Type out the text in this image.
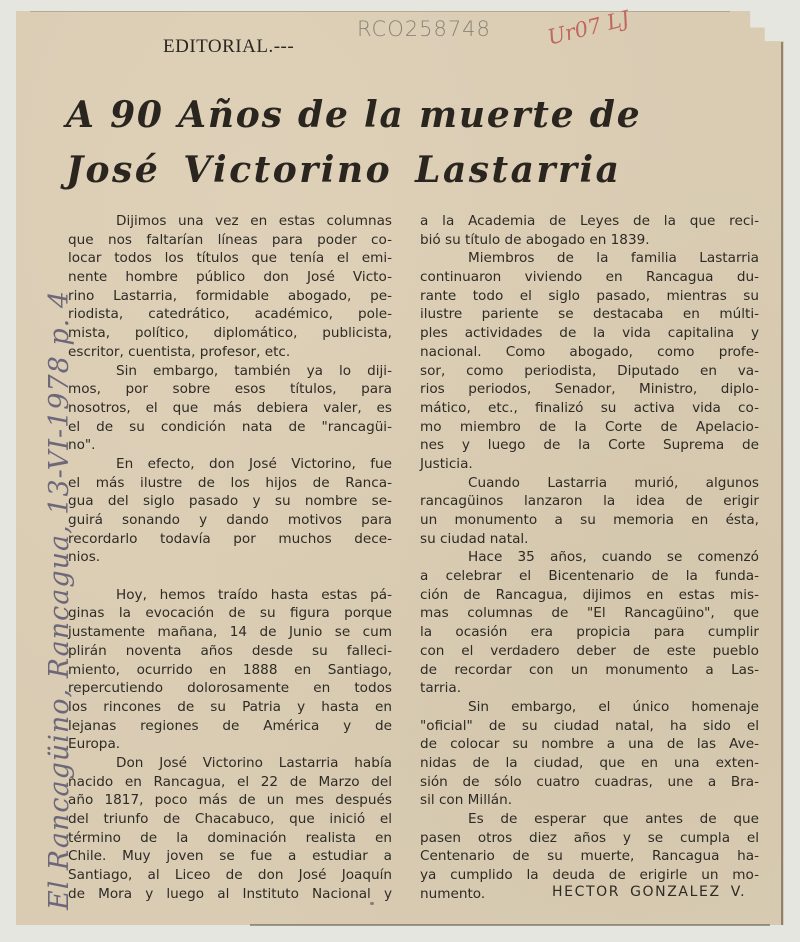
EDITORIAL.---
RCO258748	Ur07 LJ
A 90 Años de la muerte de
José Victorino Lastarria
El Rancagüino, Rancagua, 13-VI-1978 p. 4
Dijimos una vez en estas columnas
que nos faltarían líneas para poder co-
locar todos los títulos que tenía el emi-
nente hombre público don José Victo-
rino Lastarria, formidable abogado, pe-
riodista, catedrático, académico, pole-
mista, político, diplomático, publicista,
escritor, cuentista, profesor, etc.
Sin embargo, también ya lo diji-
mos, por sobre esos títulos, para
nosotros, el que más debiera valer, es
el de su condición nata de "rancagüi-
no".
En efecto, don José Victorino, fue
el más ilustre de los hijos de Ranca-
gua del siglo pasado y su nombre se-
guirá sonando y dando motivos para
recordarlo todavía por muchos dece-
nios.
Hoy, hemos traído hasta estas pá-
ginas la evocación de su figura porque
justamente mañana, 14 de Junio se cum
plirán noventa años desde su falleci-
miento, ocurrido en 1888 en Santiago,
repercutiendo dolorosamente en todos
los rincones de su Patria y hasta en
lejanas regiones de América y de
Europa.
Don José Victorino Lastarria había
nacido en Rancagua, el 22 de Marzo del
año 1817, poco más de un mes después
del triunfo de Chacabuco, que inició el
término de la dominación realista en
Chile. Muy joven se fue a estudiar a
Santiago, al Liceo de don José Joaquín
de Mora y luego al Instituto Nacional y
a la Academia de Leyes de la que reci-
bió su título de abogado en 1839.
Miembros de la familia Lastarria
continuaron viviendo en Rancagua du-
rante todo el siglo pasado, mientras su
ilustre pariente se destacaba en múlti-
ples actividades de la vida capitalina y
nacional. Como abogado, como profe-
sor, como periodista, Diputado en va-
rios periodos, Senador, Ministro, diplo-
mático, etc., finalizó su activa vida co-
mo miembro de la Corte de Apelacio-
nes y luego de la Corte Suprema de
Justicia.
Cuando Lastarria murió, algunos
rancagüinos lanzaron la idea de erigir
un monumento a su memoria en ésta,
su ciudad natal.
Hace 35 años, cuando se comenzó
a celebrar el Bicentenario de la funda-
ción de Rancagua, dijimos en estas mis-
mas columnas de "El Rancagüino", que
la ocasión era propicia para cumplir
con el verdadero deber de este pueblo
de recordar con un monumento a Las-
tarria.
Sin embargo, el único homenaje
"oficial" de su ciudad natal, ha sido el
de colocar su nombre a una de las Ave-
nidas de la ciudad, que en una exten-
sión de sólo cuatro cuadras, une a Bra-
sil con Millán.
Es de esperar que antes de que
pasen otros diez años y se cumpla el
Centenario de su muerte, Rancagua ha-
ya cumplido la deuda de erigirle un mo-
numento.	HECTOR GONZALEZ V.
